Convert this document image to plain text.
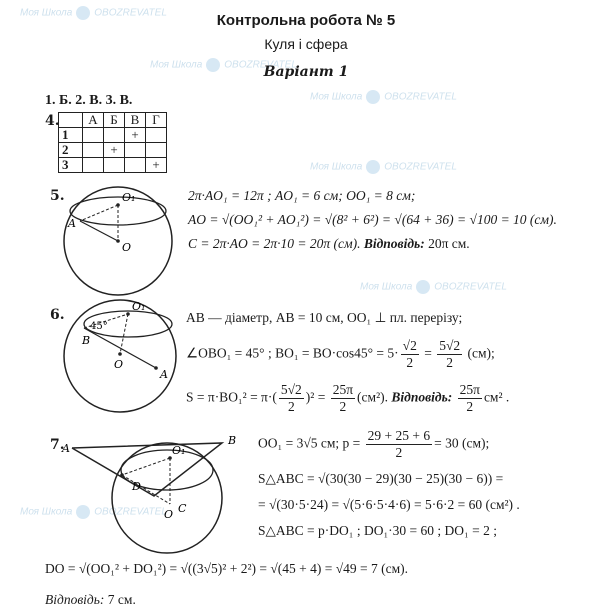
Моя Школа OBOZREVATEL
Моя Школа OBOZREVATEL
Моя Школа OBOZREVATEL
Моя Школа OBOZREVATEL
Моя Школа OBOZREVATEL
Моя Школа OBOZREVATEL
Контрольна робота № 5
Куля і сфера
Варіант 1
1. Б. 2. В. 3. В.
4.
	А	Б	В	Г
1			+	
2		+		
3				+
5.	O₁
A
O
2π·AO₁ = 12π ; AO₁ = 6 см; OO₁ = 8 см;
AO = √(OO₁² + AO₁²) = √(8² + 6²) = √(64 + 36) = √100 = 10 (см).
C = 2π·AO = 2π·10 = 20π (см). Відповідь: 20π см.
6.
O₁
45°
B
O
A
AB — діаметр, AB = 10 см, OO₁ ⊥ пл. перерізу;
∠OBO₁ = 45° ; $BO_1 = BO\cdot\cos 45^\circ = 5\cdot \frac{√2}{2} = \frac{5√2}{2} (см)$;
$S = \pi\cdot BO_1^2 = \pi\cdot( \frac{5√2}{2} )^2 = \frac{25\pi}{2} (см^2)$. Відповідь: $\frac{25\pi}{2} см^2$ .
7.
A
B
O₁
D
O C
OO₁ = 3√5 см; $p = \frac{29 + 25 + 6}{2} = 30$ (см);
S△ABC = √(30(30 − 29)(30 − 25)(30 − 6)) =
= √(30·5·24) = √(5·6·5·4·6) = 5·6·2 = 60 (см²) .
S△ABC = p·DO₁ ; DO₁·30 = 60 ; DO₁ = 2 ;
DO = √(OO₁² + DO₁²) = √((3√5)² + 2²) = √(45 + 4) = √49 = 7 (см).
Відповідь: 7 см.
